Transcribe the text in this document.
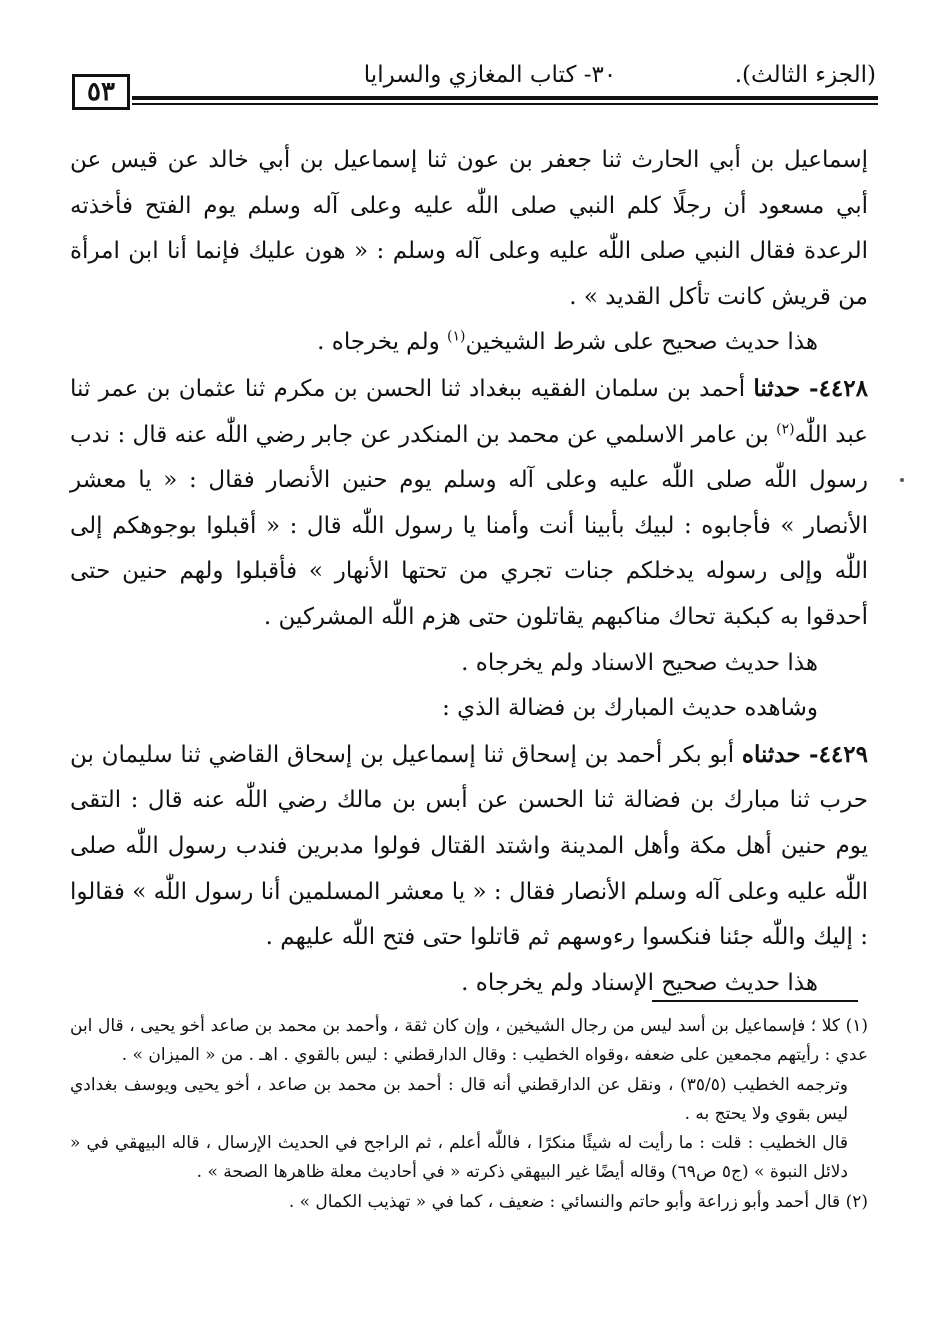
٥٣
٣٠- كتاب المغازي والسرايا	(الجزء الثالث).

إسماعيل بن أبي الحارث ثنا جعفر بن عون ثنا إسماعيل بن أبي خالد عن قيس عن أبي مسعود أن رجلًا كلم النبي صلى اللّٰه عليه وعلى آله وسلم يوم الفتح فأخذته الرعدة فقال النبي صلى اللّٰه عليه وعلى آله وسلم : « هون عليك فإنما أنا ابن امرأة من قريش كانت تأكل القديد » .

هذا حديث صحيح على شرط الشيخين$^{(١)}$ ولم يخرجاه .

٤٤٢٨- حدثنا أحمد بن سلمان الفقيه ببغداد ثنا الحسن بن مكرم ثنا عثمان بن عمر ثنا عبد اللّٰه$^{(٢)}$ بن عامر الاسلمي عن محمد بن المنكدر عن جابر رضي اللّٰه عنه قال : ندب رسول اللّٰه صلى اللّٰه عليه وعلى آله وسلم يوم حنين الأنصار فقال : « يا معشر الأنصار » فأجابوه : لبيك بأبينا أنت وأمنا يا رسول اللّٰه قال : « أقبلوا بوجوهكم إلى اللّٰه وإلى رسوله يدخلكم جنات تجري من تحتها الأنهار » فأقبلوا ولهم حنين حتى أحدقوا به كبكبة تحاك مناكبهم يقاتلون حتى هزم اللّٰه المشركين .

هذا حديث صحيح الاسناد ولم يخرجاه .

وشاهده حديث المبارك بن فضالة الذي :

٤٤٢٩- حدثناه أبو بكر أحمد بن إسحاق ثنا إسماعيل بن إسحاق القاضي ثنا سليمان بن حرب ثنا مبارك بن فضالة ثنا الحسن عن أبس بن مالك رضي اللّٰه عنه قال : التقى يوم حنين أهل مكة وأهل المدينة واشتد القتال فولوا مدبرين فندب رسول اللّٰه صلى اللّٰه عليه وعلى آله وسلم الأنصار فقال : « يا معشر المسلمين أنا رسول اللّٰه » فقالوا : إليك واللّٰه جئنا فنكسوا رءوسهم ثم قاتلوا حتى فتح اللّٰه عليهم .

هذا حديث صحيح الإسناد ولم يخرجاه .

(١) كلا ؛ فإسماعيل بن أسد ليس من رجال الشيخين ، وإن كان ثقة ، وأحمد بن محمد بن صاعد أخو يحيى ، قال ابن عدي : رأيتهم مجمعين على ضعفه ،وقواه الخطيب : وقال الدارقطني : ليس بالقوي . اهـ . من « الميزان » .

وترجمه الخطيب (٣٥/٥) ، ونقل عن الدارقطني أنه قال : أحمد بن محمد بن صاعد ، أخو يحيى ويوسف بغدادي ليس بقوي ولا يحتج به .

قال الخطيب : قلت : ما رأيت له شيئًا منكرًا ، فاللّٰه أعلم ، ثم الراجح في الحديث الإرسال ، قاله البيهقي في « دلائل النبوة » (ج٥ ص٦٩) وقاله أيضًا غير البيهقي ذكرته « في أحاديث معلة ظاهرها الصحة » .

(٢) قال أحمد وأبو زراعة وأبو حاتم والنسائي : ضعيف ، كما في « تهذيب الكمال » .
